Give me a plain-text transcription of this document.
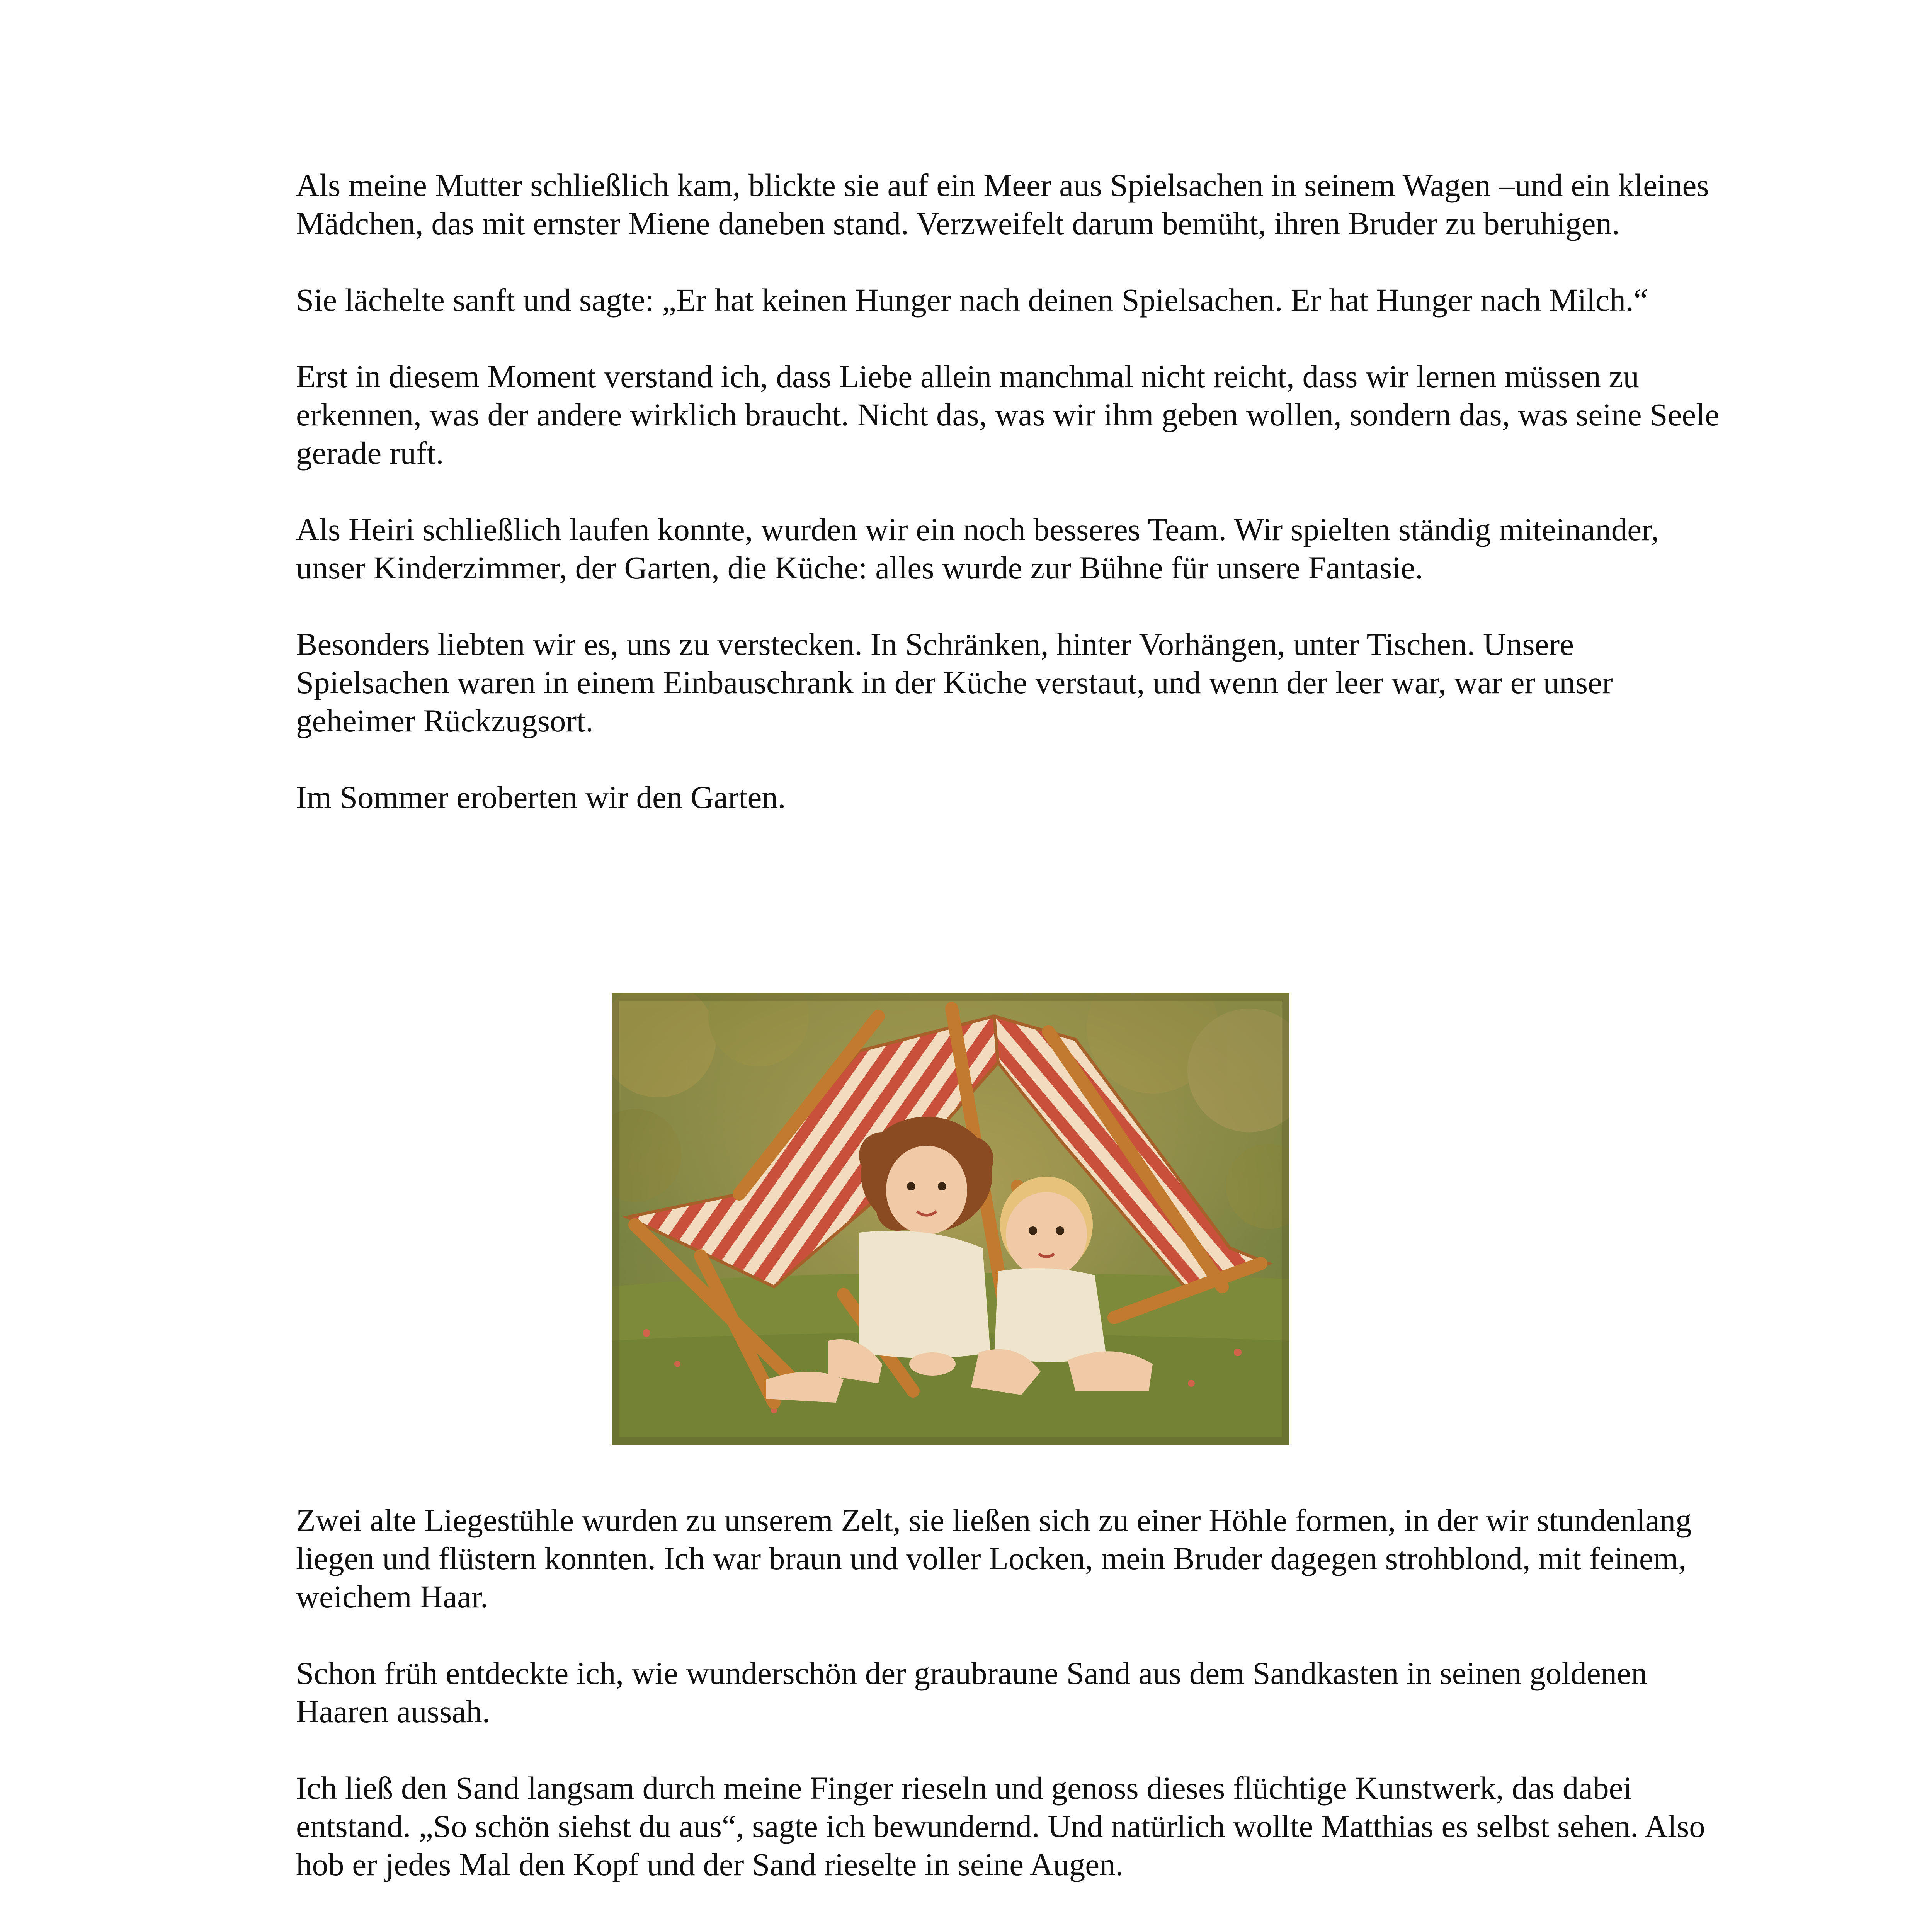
Als meine Mutter schließlich kam, blickte sie auf ein Meer aus Spielsachen in seinem Wagen –und ein kleines Mädchen, das mit ernster Miene daneben stand. Verzweifelt darum bemüht, ihren Bruder zu beruhigen.

Sie lächelte sanft und sagte: „Er hat keinen Hunger nach deinen Spielsachen. Er hat Hunger nach Milch.“

Erst in diesem Moment verstand ich, dass Liebe allein manchmal nicht reicht, dass wir lernen müssen zu erkennen, was der andere wirklich braucht. Nicht das, was wir ihm geben wollen, sondern das, was seine Seele gerade ruft.

Als Heiri schließlich laufen konnte, wurden wir ein noch besseres Team. Wir spielten ständig miteinander, unser Kinderzimmer, der Garten, die Küche: alles wurde zur Bühne für unsere Fantasie.

Besonders liebten wir es, uns zu verstecken. In Schränken, hinter Vorhängen, unter Tischen. Unsere Spielsachen waren in einem Einbauschrank in der Küche verstaut, und wenn der leer war, war er unser geheimer Rückzugsort.

Im Sommer eroberten wir den Garten.

Zwei alte Liegestühle wurden zu unserem Zelt, sie ließen sich zu einer Höhle formen, in der wir stundenlang liegen und flüstern konnten. Ich war braun und voller Locken, mein Bruder dagegen strohblond, mit feinem, weichem Haar.

Schon früh entdeckte ich, wie wunderschön der graubraune Sand aus dem Sandkasten in seinen goldenen Haaren aussah.

Ich ließ den Sand langsam durch meine Finger rieseln und genoss dieses flüchtige Kunstwerk, das dabei entstand. „So schön siehst du aus“, sagte ich bewundernd. Und natürlich wollte Matthias es selbst sehen. Also hob er jedes Mal den Kopf und der Sand rieselte in seine Augen.
